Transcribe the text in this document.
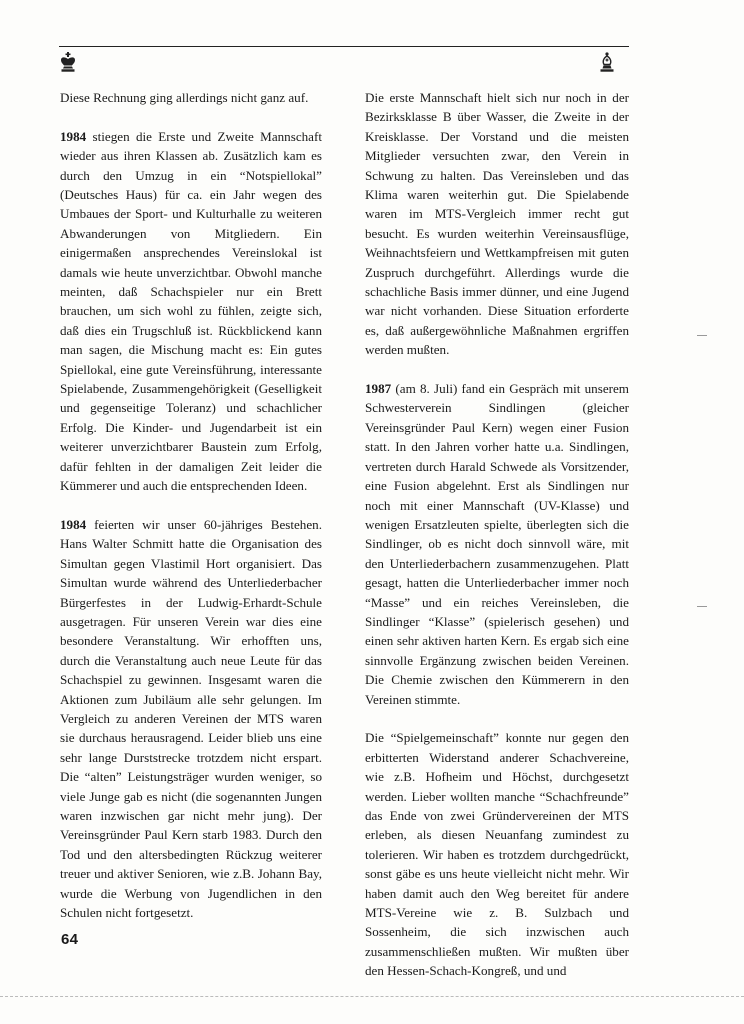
Diese Rechnung ging allerdings nicht ganz auf.

1984 stiegen die Erste und Zweite Mannschaft wieder aus ihren Klassen ab. Zusätzlich kam es durch den Umzug in ein “Notspiellokal” (Deutsches Haus) für ca. ein Jahr wegen des Umbaues der Sport- und Kulturhalle zu weiteren Abwanderungen von Mitgliedern. Ein einigermaßen ansprechendes Vereinslokal ist damals wie heute unverzichtbar. Obwohl manche meinten, daß Schachspieler nur ein Brett brauchen, um sich wohl zu fühlen, zeigte sich, daß dies ein Trugschluß ist. Rückblickend kann man sagen, die Mischung macht es: Ein gutes Spiellokal, eine gute Vereinsführung, interessante Spielabende, Zusammengehörigkeit (Geselligkeit und gegenseitige Toleranz) und schachlicher Erfolg. Die Kinder- und Jugendarbeit ist ein weiterer unverzichtbarer Baustein zum Erfolg, dafür fehlten in der damaligen Zeit leider die Kümmerer und auch die entsprechenden Ideen.

1984 feierten wir unser 60-jähriges Bestehen. Hans Walter Schmitt hatte die Organisation des Simultan gegen Vlastimil Hort organisiert. Das Simultan wurde während des Unterliederbacher Bürgerfestes in der Ludwig-Erhardt-Schule ausgetragen. Für unseren Verein war dies eine besondere Veranstaltung. Wir erhofften uns, durch die Veranstaltung auch neue Leute für das Schachspiel zu gewinnen. Insgesamt waren die Aktionen zum Jubiläum alle sehr gelungen. Im Vergleich zu anderen Vereinen der MTS waren sie durchaus herausragend. Leider blieb uns eine sehr lange Durststrecke trotzdem nicht erspart. Die “alten” Leistungsträger wurden weniger, so viele Junge gab es nicht (die sogenannten Jungen waren inzwischen gar nicht mehr jung). Der Vereinsgründer Paul Kern starb 1983. Durch den Tod und den altersbedingten Rückzug weiterer treuer und aktiver Senioren, wie z.B. Johann Bay, wurde die Werbung von Jugendlichen in den Schulen nicht fortgesetzt.

Die erste Mannschaft hielt sich nur noch in der Bezirksklasse B über Wasser, die Zweite in der Kreisklasse. Der Vorstand und die meisten Mitglieder versuchten zwar, den Verein in Schwung zu halten. Das Vereinsleben und das Klima waren weiterhin gut. Die Spielabende waren im MTS-Vergleich immer recht gut besucht. Es wurden weiterhin Vereinsausflüge, Weihnachtsfeiern und Wettkampfreisen mit guten Zuspruch durchgeführt. Allerdings wurde die schachliche Basis immer dünner, und eine Jugend war nicht vorhanden. Diese Situation erforderte es, daß außergewöhnliche Maßnahmen ergriffen werden mußten.

1987 (am 8. Juli) fand ein Gespräch mit unserem Schwesterverein Sindlingen (gleicher Vereinsgründer Paul Kern) wegen einer Fusion statt. In den Jahren vorher hatte u.a. Sindlingen, vertreten durch Harald Schwede als Vorsitzender, eine Fusion abgelehnt. Erst als Sindlingen nur noch mit einer Mannschaft (UV-Klasse) und wenigen Ersatzleuten spielte, überlegten sich die Sindlinger, ob es nicht doch sinnvoll wäre, mit den Unterliederbachern zusammenzugehen. Platt gesagt, hatten die Unterliederbacher immer noch “Masse” und ein reiches Vereinsleben, die Sindlinger “Klasse” (spielerisch gesehen) und einen sehr aktiven harten Kern. Es ergab sich eine sinnvolle Ergänzung zwischen beiden Vereinen. Die Chemie zwischen den Kümmerern in den Vereinen stimmte.

Die “Spielgemeinschaft” konnte nur gegen den erbitterten Widerstand anderer Schachvereine, wie z.B. Hofheim und Höchst, durchgesetzt werden. Lieber wollten manche “Schachfreunde” das Ende von zwei Gründervereinen der MTS erleben, als diesen Neuanfang zumindest zu tolerieren. Wir haben es trotzdem durchgedrückt, sonst gäbe es uns heute vielleicht nicht mehr. Wir haben damit auch den Weg bereitet für andere MTS-Vereine wie z. B. Sulzbach und Sossenheim, die sich inzwischen auch zusammenschließen mußten. Wir mußten über den Hessen-Schach-Kongreß, und und

64
